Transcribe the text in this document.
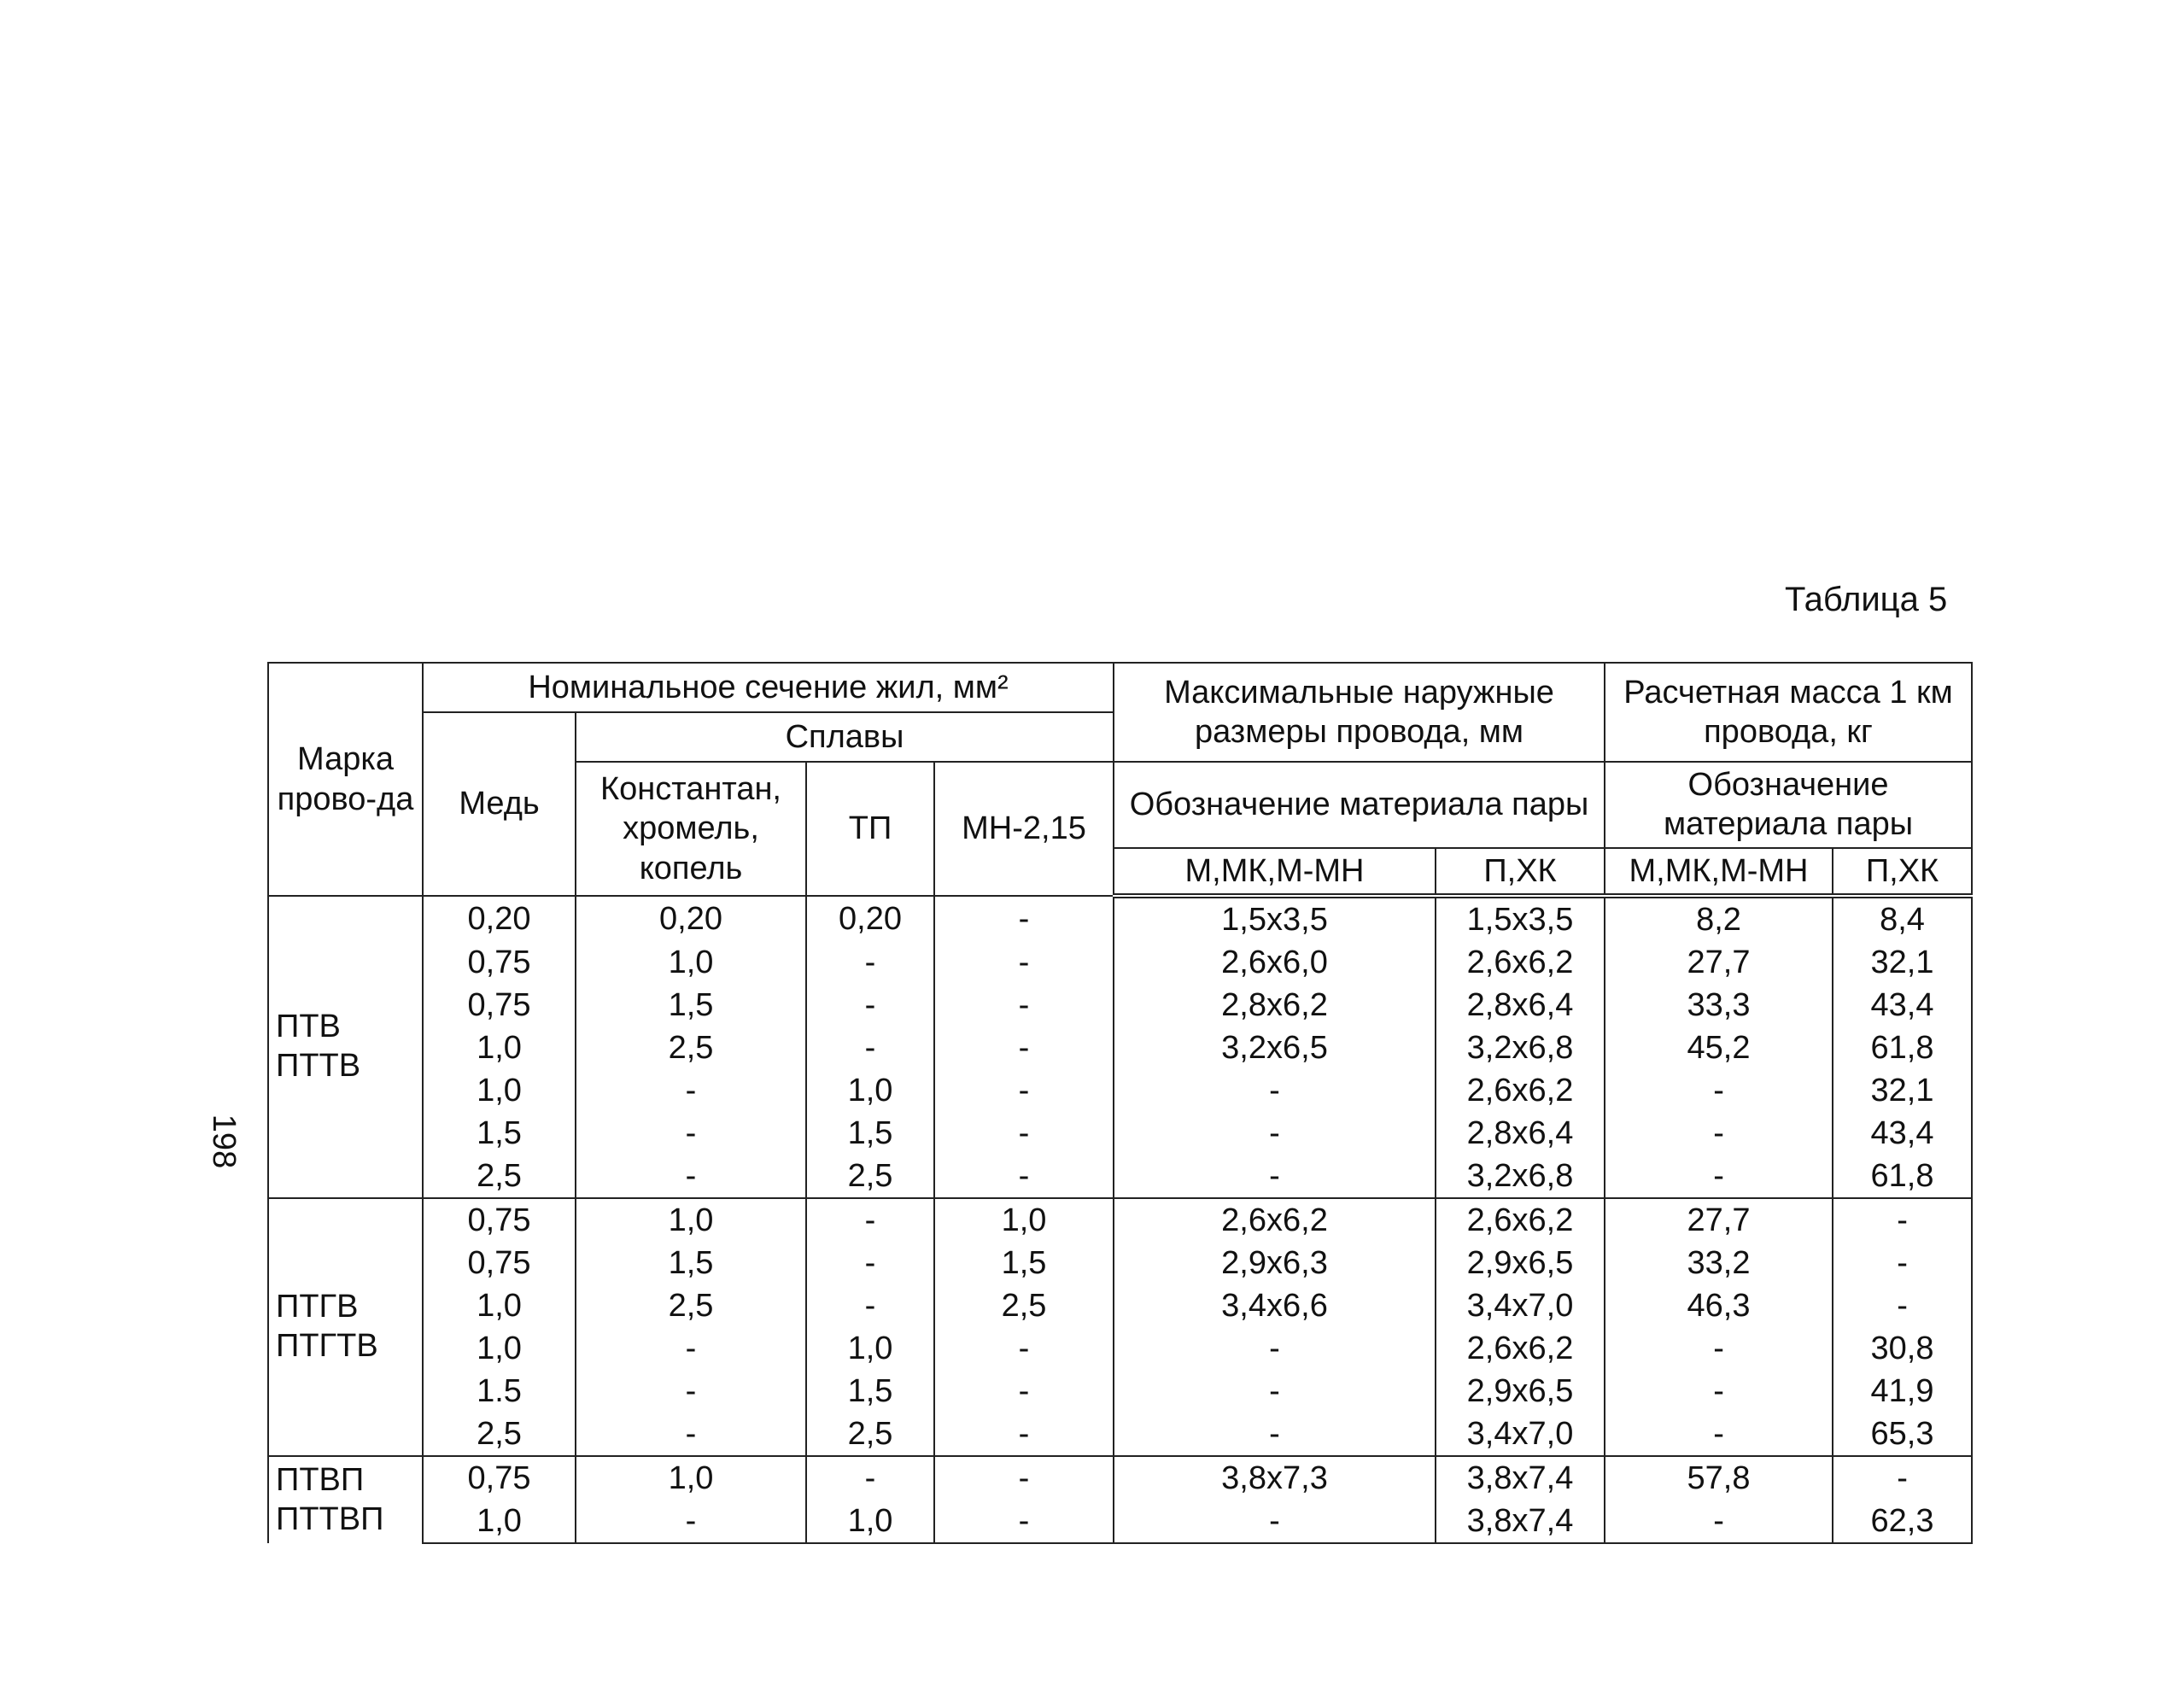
198
Таблица 5
Марка прово-да	Номинальное сечение жил, мм²				Максимальные наружные размеры провода, мм		Расчетная масса 1 км провода, кг	
	Медь	Сплавы						
		Константан, хромель, копель	ТП	МН-2,15	Обозначение материала пары		Обозначение материала пары	
					М,МК,М-МН	П,ХК	М,МК,М-МН	П,ХК
ПТВ ПТТВ	0,20	0,20	0,20	-	1,5х3,5	1,5х3,5	8,2	8,4
	0,75	1,0	-	-	2,6х6,0	2,6х6,2	27,7	32,1
	0,75	1,5	-	-	2,8х6,2	2,8х6,4	33,3	43,4
	1,0	2,5	-	-	3,2х6,5	3,2х6,8	45,2	61,8
	1,0	-	1,0	-	-	2,6х6,2	-	32,1
	1,5	-	1,5	-	-	2,8х6,4	-	43,4
	2,5	-	2,5	-	-	3,2х6,8	-	61,8
ПТГВ ПТГТВ	0,75	1,0	-	1,0	2,6х6,2	2,6х6,2	27,7	-
	0,75	1,5	-	1,5	2,9х6,3	2,9х6,5	33,2	-
	1,0	2,5	-	2,5	3,4х6,6	3,4х7,0	46,3	-
	1,0	-	1,0	-	-	2,6х6,2	-	30,8
	1.5	-	1,5	-	-	2,9х6,5	-	41,9
	2,5	-	2,5	-	-	3,4х7,0	-	65,3
ПТВП ПТТВП	0,75	1,0	-	-	3,8х7,3	3,8х7,4	57,8	-
	1,0	-	1,0	-	-	3,8х7,4	-	62,3
